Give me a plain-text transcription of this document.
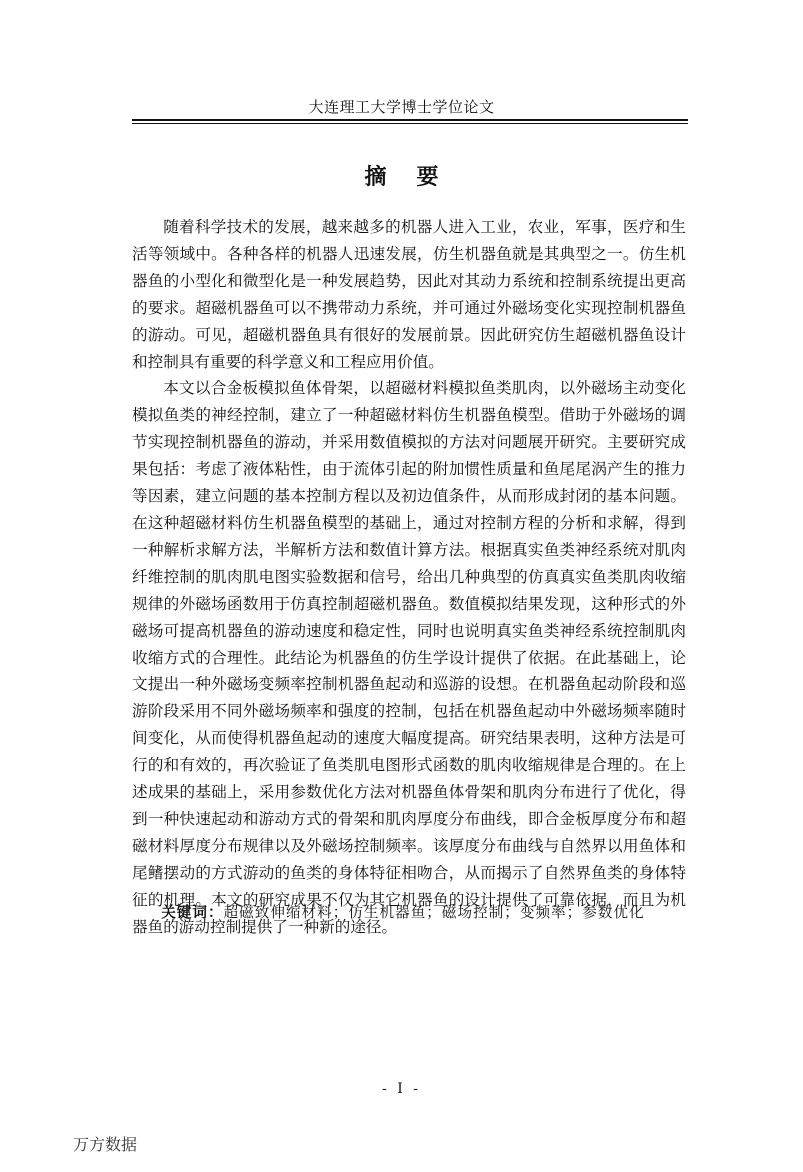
大连理工大学博士学位论文
摘要

随着科学技术的发展，越来越多的机器人进入工业，农业，军事，医疗和生活等领域中。各种各样的机器人迅速发展，仿生机器鱼就是其典型之一。仿生机器鱼的小型化和微型化是一种发展趋势，因此对其动力系统和控制系统提出更高的要求。超磁机器鱼可以不携带动力系统，并可通过外磁场变化实现控制机器鱼的游动。可见，超磁机器鱼具有很好的发展前景。因此研究仿生超磁机器鱼设计和控制具有重要的科学意义和工程应用价值。

本文以合金板模拟鱼体骨架，以超磁材料模拟鱼类肌肉，以外磁场主动变化模拟鱼类的神经控制，建立了一种超磁材料仿生机器鱼模型。借助于外磁场的调节实现控制机器鱼的游动，并采用数值模拟的方法对问题展开研究。主要研究成果包括：考虑了液体粘性，由于流体引起的附加惯性质量和鱼尾尾涡产生的推力等因素，建立问题的基本控制方程以及初边值条件，从而形成封闭的基本问题。在这种超磁材料仿生机器鱼模型的基础上，通过对控制方程的分析和求解，得到一种解析求解方法，半解析方法和数值计算方法。根据真实鱼类神经系统对肌肉纤维控制的肌肉肌电图实验数据和信号，给出几种典型的仿真真实鱼类肌肉收缩规律的外磁场函数用于仿真控制超磁机器鱼。数值模拟结果发现，这种形式的外磁场可提高机器鱼的游动速度和稳定性，同时也说明真实鱼类神经系统控制肌肉收缩方式的合理性。此结论为机器鱼的仿生学设计提供了依据。在此基础上，论文提出一种外磁场变频率控制机器鱼起动和巡游的设想。在机器鱼起动阶段和巡游阶段采用不同外磁场频率和强度的控制，包括在机器鱼起动中外磁场频率随时间变化，从而使得机器鱼起动的速度大幅度提高。研究结果表明，这种方法是可行的和有效的，再次验证了鱼类肌电图形式函数的肌肉收缩规律是合理的。在上述成果的基础上，采用参数优化方法对机器鱼体骨架和肌肉分布进行了优化，得到一种快速起动和游动方式的骨架和肌肉厚度分布曲线，即合金板厚度分布和超磁材料厚度分布规律以及外磁场控制频率。该厚度分布曲线与自然界以用鱼体和尾鳍摆动的方式游动的鱼类的身体特征相吻合，从而揭示了自然界鱼类的身体特征的机理。本文的研究成果不仅为其它机器鱼的设计提供了可靠依据，而且为机器鱼的游动控制提供了一种新的途径。

关键词：超磁致伸缩材料；仿生机器鱼；磁场控制；变频率；参数优化
- I -
万方数据
